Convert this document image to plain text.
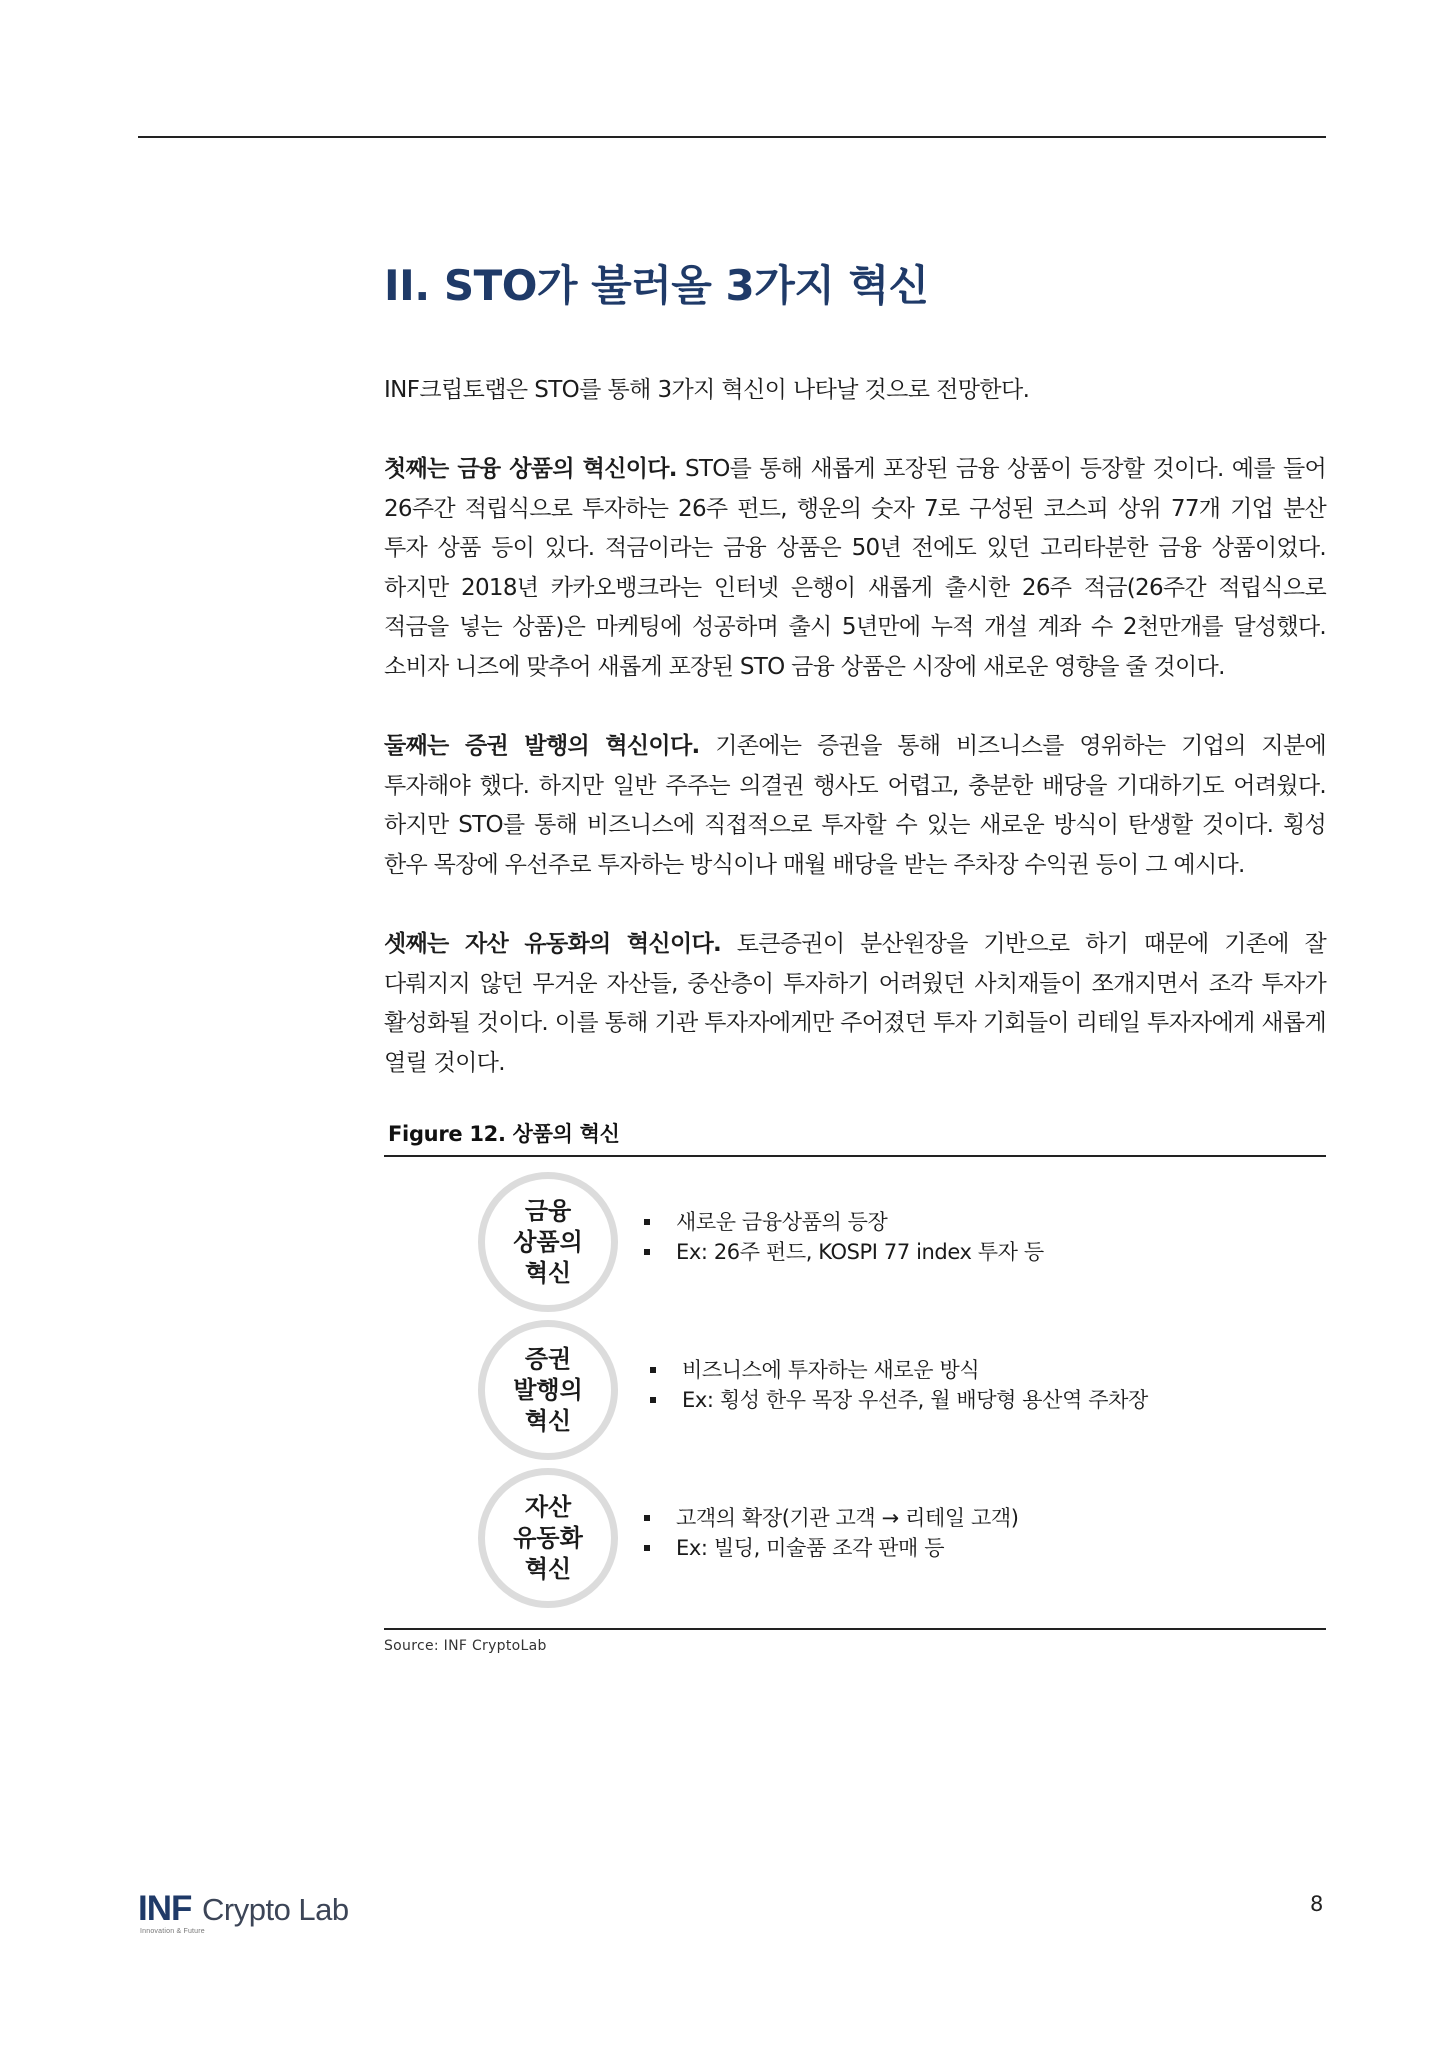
II. STO가 불러올 3가지 혁신

INF크립토랩은 STO를 통해 3가지 혁신이 나타날 것으로 전망한다.

첫째는 금융 상품의 혁신이다. STO를 통해 새롭게 포장된 금융 상품이 등장할 것이다. 예를 들어 26주간 적립식으로 투자하는 26주 펀드, 행운의 숫자 7로 구성된 코스피 상위 77개 기업 분산 투자 상품 등이 있다. 적금이라는 금융 상품은 50년 전에도 있던 고리타분한 금융 상품이었다. 하지만 2018년 카카오뱅크라는 인터넷 은행이 새롭게 출시한 26주 적금(26주간 적립식으로 적금을 넣는 상품)은 마케팅에 성공하며 출시 5년만에 누적 개설 계좌 수 2천만개를 달성했다. 소비자 니즈에 맞추어 새롭게 포장된 STO 금융 상품은 시장에 새로운 영향을 줄 것이다.

둘째는 증권 발행의 혁신이다. 기존에는 증권을 통해 비즈니스를 영위하는 기업의 지분에 투자해야 했다. 하지만 일반 주주는 의결권 행사도 어렵고, 충분한 배당을 기대하기도 어려웠다. 하지만 STO를 통해 비즈니스에 직접적으로 투자할 수 있는 새로운 방식이 탄생할 것이다. 횡성 한우 목장에 우선주로 투자하는 방식이나 매월 배당을 받는 주차장 수익권 등이 그 예시다.

셋째는 자산 유동화의 혁신이다. 토큰증권이 분산원장을 기반으로 하기 때문에 기존에 잘 다뤄지지 않던 무거운 자산들, 중산층이 투자하기 어려웠던 사치재들이 쪼개지면서 조각 투자가 활성화될 것이다. 이를 통해 기관 투자자에게만 주어졌던 투자 기회들이 리테일 투자자에게 새롭게 열릴 것이다.

Figure 12. 상품의 혁신
금융
상품의
혁신
새로운 금융상품의 등장
Ex: 26주 펀드, KOSPI 77 index 투자 등
증권
발행의
혁신
비즈니스에 투자하는 새로운 방식
Ex: 횡성 한우 목장 우선주, 월 배당형 용산역 주차장
자산
유동화
혁신
고객의 확장(기관 고객 → 리테일 고객)
Ex: 빌딩, 미술품 조각 판매 등
Source: INF CryptoLab
INF Crypto Lab
Innovation & Future
8
